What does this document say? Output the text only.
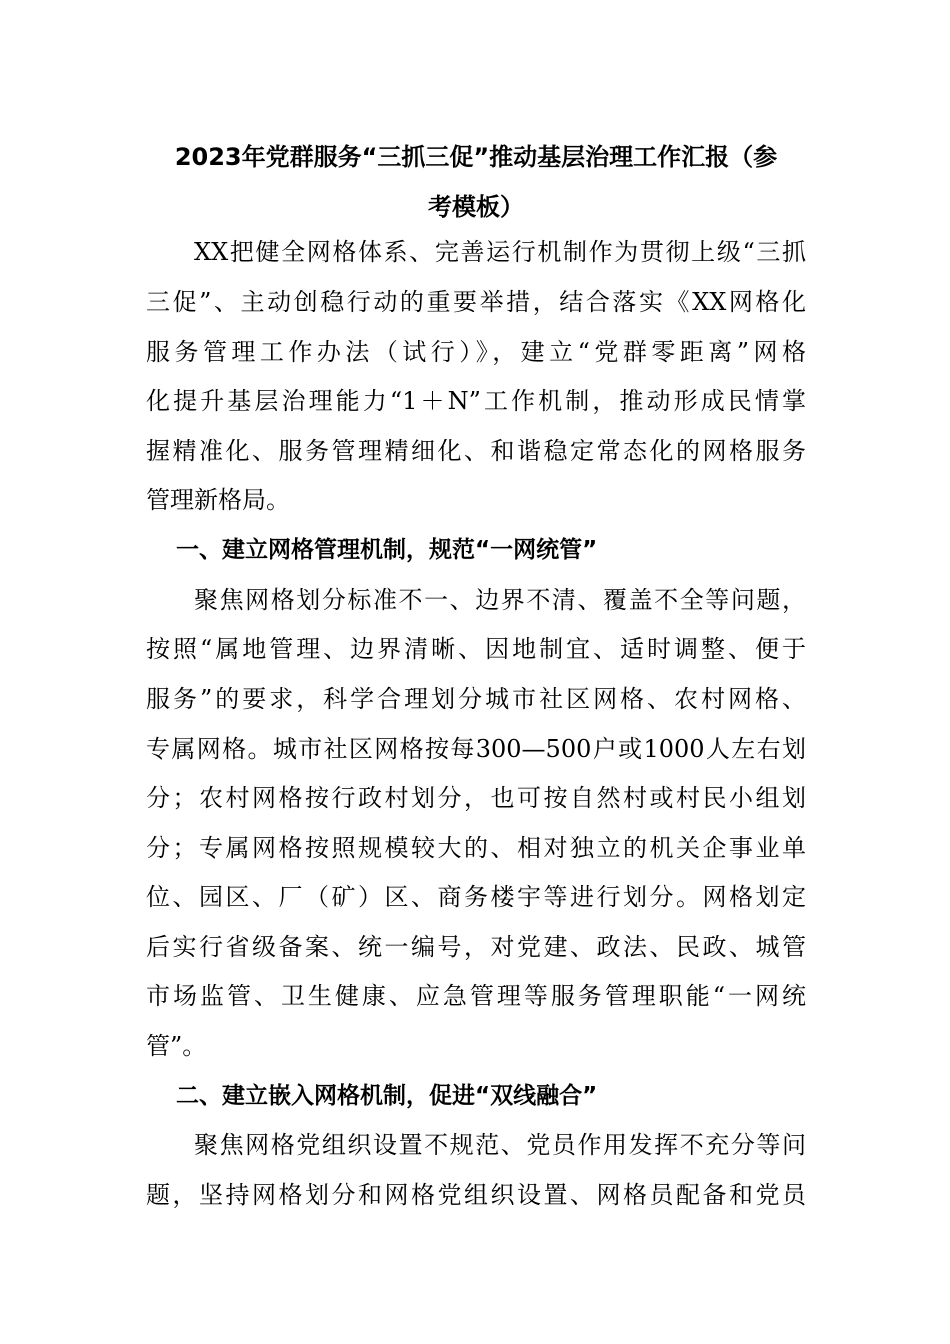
2023年党群服务“三抓三促”推动基层治理工作汇报（参
考模板）
XX把健全网格体系、完善运行机制作为贯彻上级“三抓
三促”、主动创稳行动的重要举措，结合落实《XX网格化
服务管理工作办法（试行）》，建立“党群零距离”网格
化提升基层治理能力“1＋N”工作机制，推动形成民情掌
握精准化、服务管理精细化、和谐稳定常态化的网格服务
管理新格局。
一、建立网格管理机制，规范“一网统管”
聚焦网格划分标准不一、边界不清、覆盖不全等问题，
按照“属地管理、边界清晰、因地制宜、适时调整、便于
服务”的要求，科学合理划分城市社区网格、农村网格、
专属网格。城市社区网格按每300—500户或1000人左右划
分；农村网格按行政村划分，也可按自然村或村民小组划
分；专属网格按照规模较大的、相对独立的机关企事业单
位、园区、厂（矿）区、商务楼宇等进行划分。网格划定
后实行省级备案、统一编号，对党建、政法、民政、城管
市场监管、卫生健康、应急管理等服务管理职能“一网统
管”。
二、建立嵌入网格机制，促进“双线融合”
聚焦网格党组织设置不规范、党员作用发挥不充分等问
题，坚持网格划分和网格党组织设置、网格员配备和党员
